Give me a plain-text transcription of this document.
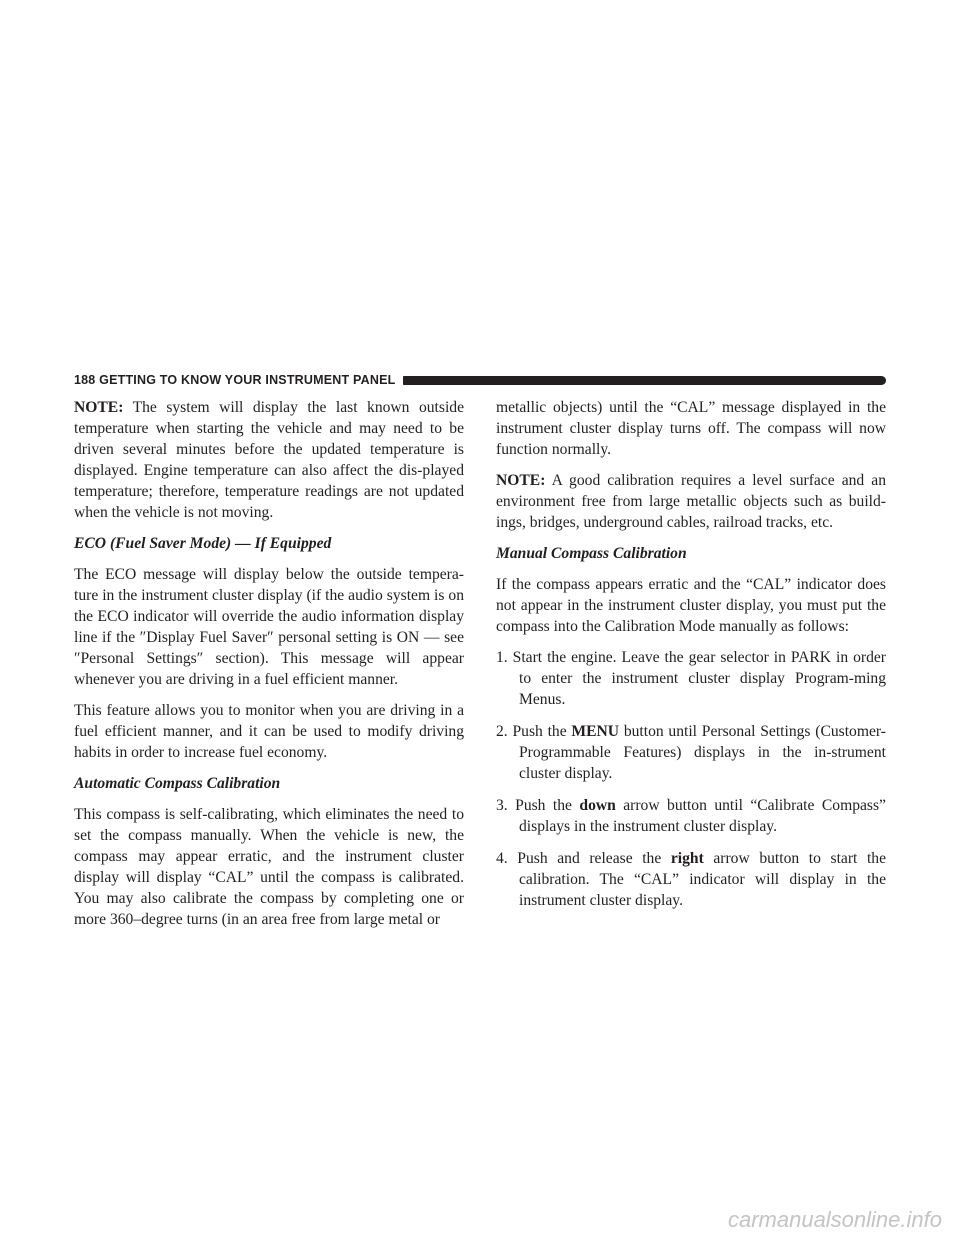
188 GETTING TO KNOW YOUR INSTRUMENT PANEL

NOTE: The system will display the last known outside temperature when starting the vehicle and may need to be driven several minutes before the updated temperature is displayed. Engine temperature can also affect the dis-played temperature; therefore, temperature readings are not updated when the vehicle is not moving.

ECO (Fuel Saver Mode) — If Equipped

The ECO message will display below the outside tempera-ture in the instrument cluster display (if the audio system is on the ECO indicator will override the audio information display line if the ″Display Fuel Saver″ personal setting is ON — see ″Personal Settings″ section). This message will appear whenever you are driving in a fuel efficient manner.

This feature allows you to monitor when you are driving in a fuel efficient manner, and it can be used to modify driving habits in order to increase fuel economy.

Automatic Compass Calibration

This compass is self-calibrating, which eliminates the need to set the compass manually. When the vehicle is new, the compass may appear erratic, and the instrument cluster display will display “CAL” until the compass is calibrated. You may also calibrate the compass by completing one or more 360–degree turns (in an area free from large metal or

metallic objects) until the “CAL” message displayed in the instrument cluster display turns off. The compass will now function normally.

NOTE: A good calibration requires a level surface and an environment free from large metallic objects such as build-ings, bridges, underground cables, railroad tracks, etc.

Manual Compass Calibration

If the compass appears erratic and the “CAL” indicator does not appear in the instrument cluster display, you must put the compass into the Calibration Mode manually as follows:

1. Start the engine. Leave the gear selector in PARK in order to enter the instrument cluster display Program-ming Menus.

2. Push the MENU button until Personal Settings (Customer-Programmable Features) displays in the in-strument cluster display.

3. Push the down arrow button until “Calibrate Compass” displays in the instrument cluster display.

4. Push and release the right arrow button to start the calibration. The “CAL” indicator will display in the instrument cluster display.

carmanualsonline.info
